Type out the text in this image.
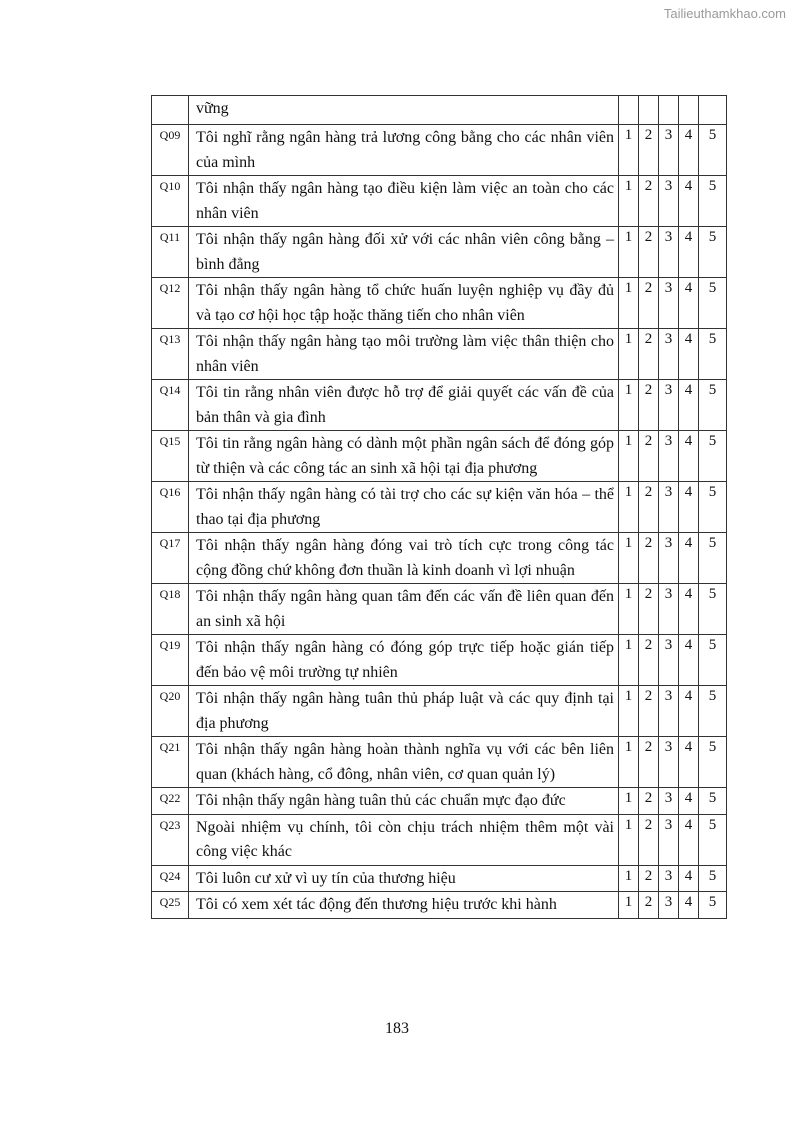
Tailieuthamkhao.com
	vững					
Q09	Tôi nghĩ rằng ngân hàng trả lương công bằng cho các nhân viên của mình	1	2	3	4	5
Q10	Tôi nhận thấy ngân hàng tạo điều kiện làm việc an toàn cho các nhân viên	1	2	3	4	5
Q11	Tôi nhận thấy ngân hàng đối xử với các nhân viên công bằng – bình đẳng	1	2	3	4	5
Q12	Tôi nhận thấy ngân hàng tổ chức huấn luyện nghiệp vụ đầy đủ và tạo cơ hội học tập hoặc thăng tiến cho nhân viên	1	2	3	4	5
Q13	Tôi nhận thấy ngân hàng tạo môi trường làm việc thân thiện cho nhân viên	1	2	3	4	5
Q14	Tôi tin rằng nhân viên được hỗ trợ để giải quyết các vấn đề của bản thân và gia đình	1	2	3	4	5
Q15	Tôi tin rằng ngân hàng có dành một phần ngân sách để đóng góp từ thiện và các công tác an sinh xã hội tại địa phương	1	2	3	4	5
Q16	Tôi nhận thấy ngân hàng có tài trợ cho các sự kiện văn hóa – thể thao tại địa phương	1	2	3	4	5
Q17	Tôi nhận thấy ngân hàng đóng vai trò tích cực trong công tác cộng đồng chứ không đơn thuần là kinh doanh vì lợi nhuận	1	2	3	4	5
Q18	Tôi nhận thấy ngân hàng quan tâm đến các vấn đề liên quan đến an sinh xã hội	1	2	3	4	5
Q19	Tôi nhận thấy ngân hàng có đóng góp trực tiếp hoặc gián tiếp đến bảo vệ môi trường tự nhiên	1	2	3	4	5
Q20	Tôi nhận thấy ngân hàng tuân thủ pháp luật và các quy định tại địa phương	1	2	3	4	5
Q21	Tôi nhận thấy ngân hàng hoàn thành nghĩa vụ với các bên liên quan (khách hàng, cổ đông, nhân viên, cơ quan quản lý)	1	2	3	4	5
Q22	Tôi nhận thấy ngân hàng tuân thủ các chuẩn mực đạo đức	1	2	3	4	5
Q23	Ngoài nhiệm vụ chính, tôi còn chịu trách nhiệm thêm một vài công việc khác	1	2	3	4	5
Q24	Tôi luôn cư xử vì uy tín của thương hiệu	1	2	3	4	5
Q25	Tôi có xem xét tác động đến thương hiệu trước khi hành	1	2	3	4	5
183
